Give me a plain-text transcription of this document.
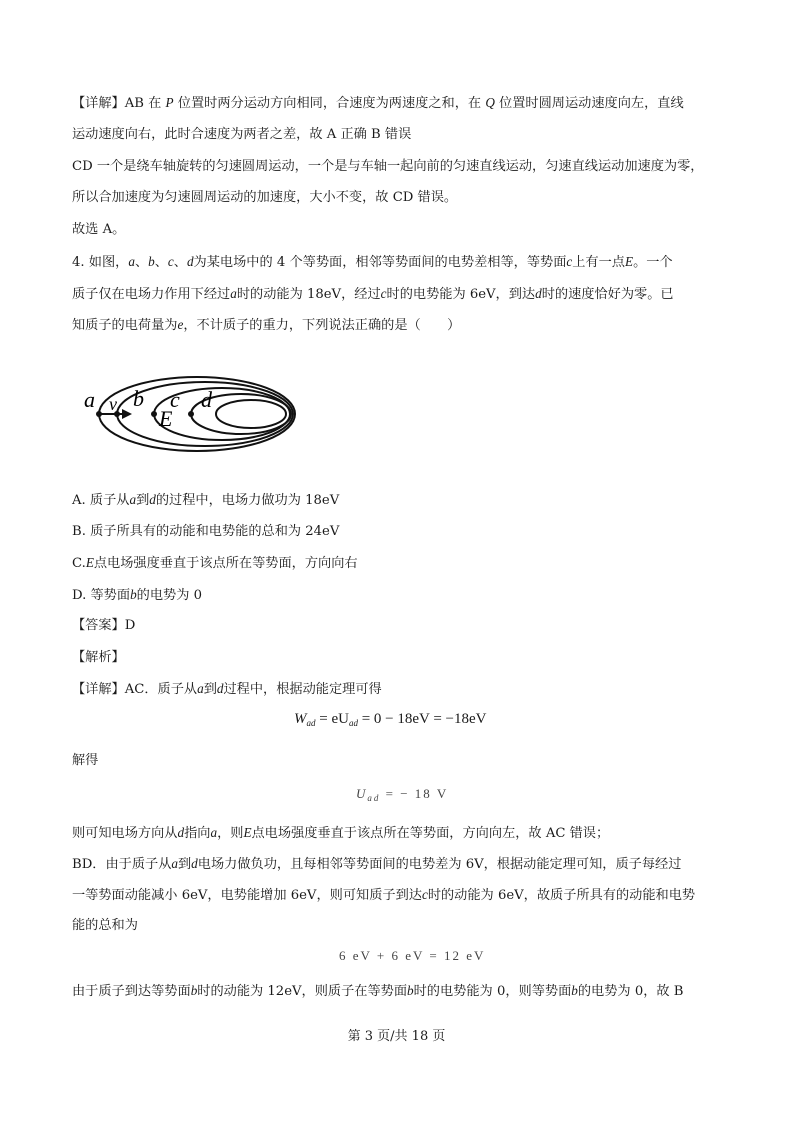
【详解】AB 在 P 位置时两分运动方向相同，合速度为两速度之和，在 Q 位置时圆周运动速度向左，直线
运动速度向右，此时合速度为两者之差，故 A 正确 B 错误
CD 一个是绕车轴旋转的匀速圆周运动，一个是与车轴一起向前的匀速直线运动，匀速直线运动加速度为零，
所以合加速度为匀速圆周运动的加速度，大小不变，故 CD 错误。
故选 A。
4. 如图，a、b、c、d为某电场中的 4 个等势面，相邻等势面间的电势差相等，等势面c上有一点E。一个
质子仅在电场力作用下经过a时的动能为 18eV，经过c时的电势能为 6eV，到达d时的速度恰好为零。已
知质子的电荷量为e，不计质子的重力，下列说法正确的是（　　）
a v b c d
E
A. 质子从a到d的过程中，电场力做功为 18eV
B. 质子所具有的动能和电势能的总和为 24eV
C.E点电场强度垂直于该点所在等势面，方向向右
D. 等势面b的电势为 0
【答案】D
【解析】
【详解】AC．质子从a到d过程中，根据动能定理可得
$W_{ad} = eU_{ad} = 0 - 18eV = -18eV$
解得
$U_{ad}$ = − 18 V
则可知电场方向从d指向a，则E点电场强度垂直于该点所在等势面，方向向左，故 AC 错误；
BD．由于质子从a到d电场力做负功，且每相邻等势面间的电势差为 6V，根据动能定理可知，质子每经过
一等势面动能减小 6eV，电势能增加 6eV，则可知质子到达c时的动能为 6eV，故质子所具有的动能和电势
能的总和为
6 eV + 6 eV = 12 eV
由于质子到达等势面b时的动能为 12eV，则质子在等势面b时的电势能为 0，则等势面b的电势为 0，故 B
第 3 页/共 18 页
